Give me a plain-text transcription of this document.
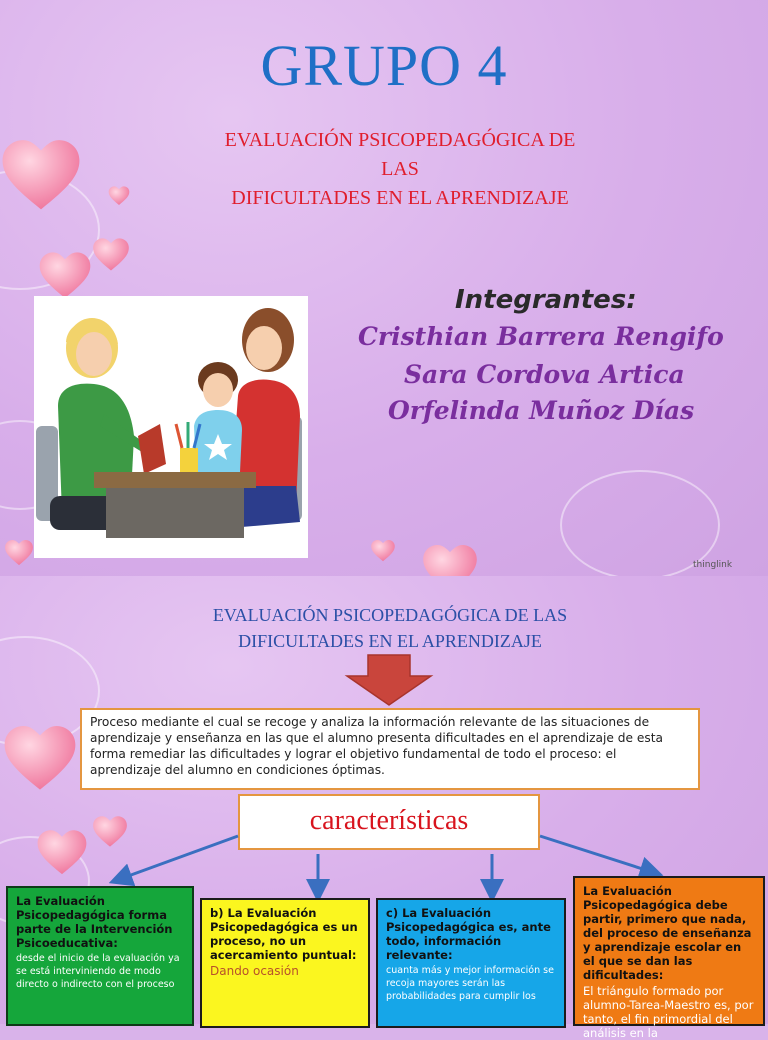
GRUPO 4
EVALUACIÓN PSICOPEDAGÓGICA DE
LAS
DIFICULTADES EN EL APRENDIZAJE
Integrantes:
Cristhian Barrera Rengifo
Sara Cordova Artica
Orfelinda Muñoz Días
thinglink
EVALUACIÓN PSICOPEDAGÓGICA DE LAS
DIFICULTADES EN EL APRENDIZAJE
Proceso mediante el cual se recoge y analiza la información relevante de las situaciones de aprendizaje y enseñanza en las que el alumno presenta dificultades en el aprendizaje de esta forma remediar las dificultades y lograr el objetivo fundamental de todo el proceso: el aprendizaje del alumno en condiciones óptimas.
características
La Evaluación Psicopedagógica forma parte de la Intervención Psicoeducativa:
desde el inicio de la evaluación ya se está interviniendo de modo directo o indirecto con el proceso
b) La Evaluación Psicopedagógica es un proceso, no un acercamiento puntual:
Dando ocasión
c) La Evaluación Psicopedagógica es, ante todo, información relevante:
cuanta más y mejor información se recoja mayores serán las probabilidades para cumplir los
La Evaluación Psicopedagógica debe partir, primero que nada, del proceso de enseñanza y aprendizaje escolar en el que se dan las dificultades:
El triángulo formado por alumno-Tarea-Maestro es, por tanto, el fin primordial del análisis en la
